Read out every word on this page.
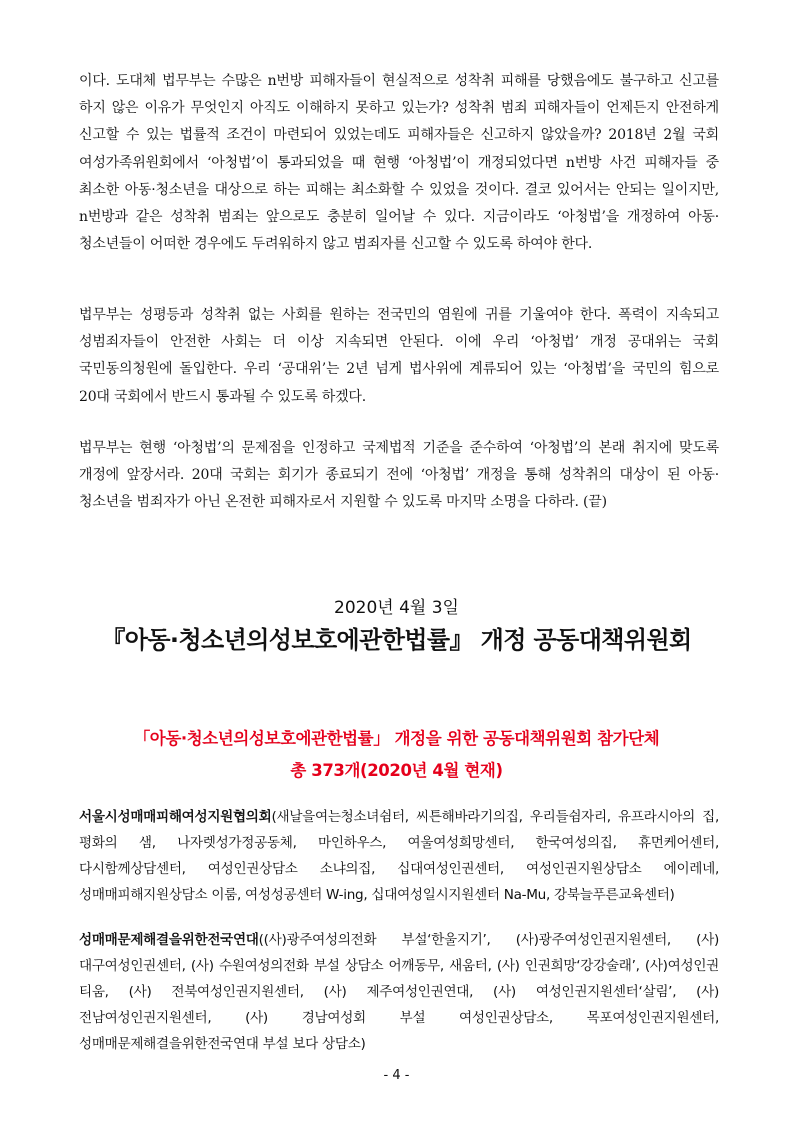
이다. 도대체 법무부는 수많은 n번방 피해자들이 현실적으로 성착취 피해를 당했음에도 불구하고 신고를 하지 않은 이유가 무엇인지 아직도 이해하지 못하고 있는가? 성착취 범죄 피해자들이 언제든지 안전하게 신고할 수 있는 법률적 조건이 마련되어 있었는데도 피해자들은 신고하지 않았을까? 2018년 2월 국회 여성가족위원회에서 ‘아청법’이 통과되었을 때 현행 ‘아청법’이 개정되었다면 n번방 사건 피해자들 중 최소한 아동·청소년을 대상으로 하는 피해는 최소화할 수 있었을 것이다. 결코 있어서는 안되는 일이지만, n번방과 같은 성착취 범죄는 앞으로도 충분히 일어날 수 있다. 지금이라도 ‘아청법’을 개정하여 아동·청소년들이 어떠한 경우에도 두려워하지 않고 범죄자를 신고할 수 있도록 하여야 한다.

법무부는 성평등과 성착취 없는 사회를 원하는 전국민의 염원에 귀를 기울여야 한다. 폭력이 지속되고 성범죄자들이 안전한 사회는 더 이상 지속되면 안된다. 이에 우리 ‘아청법’ 개정 공대위는 국회 국민동의청원에 돌입한다. 우리 ‘공대위’는 2년 넘게 법사위에 계류되어 있는 ‘아청법’을 국민의 힘으로 20대 국회에서 반드시 통과될 수 있도록 하겠다.

법무부는 현행 ‘아청법’의 문제점을 인정하고 국제법적 기준을 준수하여 ‘아청법’의 본래 취지에 맞도록 개정에 앞장서라. 20대 국회는 회기가 종료되기 전에 ‘아청법’ 개정을 통해 성착취의 대상이 된 아동·청소년을 범죄자가 아닌 온전한 피해자로서 지원할 수 있도록 마지막 소명을 다하라. (끝)

2020년 4월 3일
『아동·청소년의성보호에관한법률』 개정 공동대책위원회
「아동·청소년의성보호에관한법률」 개정을 위한 공동대책위원회 참가단체
총 373개(2020년 4월 현재)

서울시성매매피해여성지원협의회(새날을여는청소녀쉼터, 씨튼해바라기의집, 우리들쉼자리, 유프라시아의 집, 평화의 샘, 나자렛성가정공동체, 마인하우스, 여울여성희망센터, 한국여성의집, 휴먼케어센터, 다시함께상담센터, 여성인권상담소 소냐의집, 십대여성인권센터, 여성인권지원상담소 에이레네, 성매매피해지원상담소 이룸, 여성성공센터 W-ing, 십대여성일시지원센터 Na-Mu, 강북늘푸른교육센터)

성매매문제해결을위한전국연대((사)광주여성의전화 부설‘한울지기’, (사)광주여성인권지원센터, (사)대구여성인권센터, (사) 수원여성의전화 부설 상담소 어깨동무, 새움터, (사) 인권희망‘강강술래’, (사)여성인권 티움, (사) 전북여성인권지원센터, (사) 제주여성인권연대, (사) 여성인권지원센터‘살림’, (사) 전남여성인권지원센터, (사) 경남여성회 부설 여성인권상담소, 목포여성인권지원센터, 성매매문제해결을위한전국연대 부설 보다 상담소)

- 4 -
